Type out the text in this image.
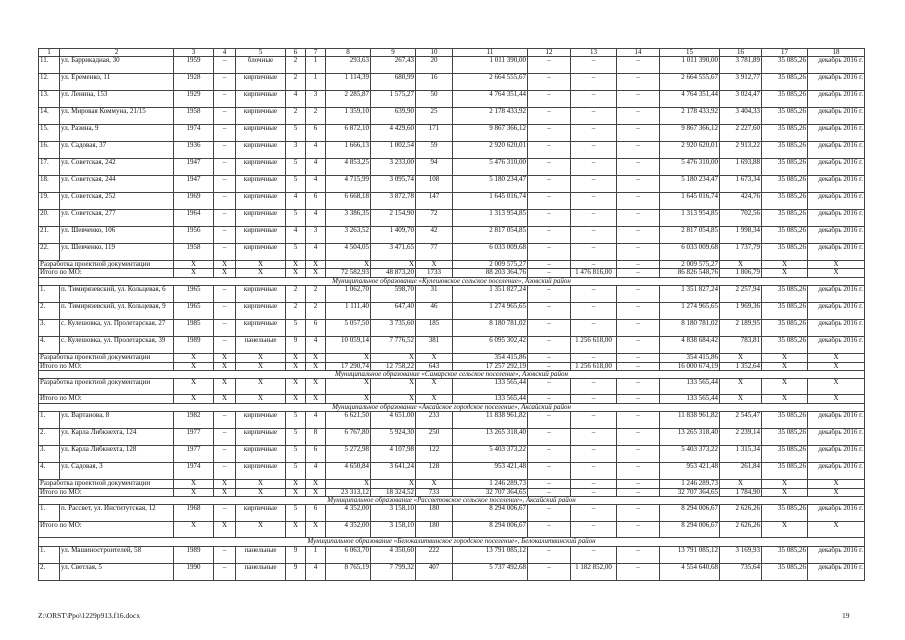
1	2	3	4	5	6	7	8	9	10	11	12	13	14	15	16	17	18
11.	ул. Баррикадная, 30	1959	–	блочные	2	1	293,63	267,43	20	1 011 390,00	–	–	–	1 011 390,00	3 781,89	35 085,26	декабрь 2016 г.
12.	ул. Еременко, 11	1928	–	кирпичные	2	1	1 114,39	680,99	16	2 664 555,67	–	–	–	2 664 555,67	3 912,77	35 085,26	декабрь 2016 г.
13.	ул. Ленина, 153	1929	–	кирпичные	4	3	2 285,87	1 575,27	50	4 764 351,44	–	–	–	4 764 351,44	3 024,47	35 085,26	декабрь 2016 г.
14.	ул. Мировая Коммуна, 21/15	1958	–	кирпичные	2	2	1 359,10	639,90	25	2 178 433,92	–	–	–	2 178 433,92	3 404,33	35 085,26	декабрь 2016 г.
15.	ул. Разина, 9	1974	–	кирпичные	5	6	6 872,10	4 429,60	171	9 867 366,12	–	–	–	9 867 366,12	2 227,60	35 085,26	декабрь 2016 г.
16.	ул. Садовая, 37	1936	–	кирпичные	3	4	1 666,13	1 002,54	59	2 920 620,01	–	–	–	2 920 620,01	2 913,22	35 085,26	декабрь 2016 г.
17.	ул. Советская, 242	1947	–	кирпичные	5	4	4 853,25	3 233,00	94	5 476 310,00	–	–	–	5 476 310,00	1 693,88	35 085,26	декабрь 2016 г.
18.	ул. Советская, 244	1947	–	кирпичные	5	4	4 715,99	3 095,74	108	5 180 234,47	–	–	–	5 180 234,47	1 673,34	35 085,26	декабрь 2016 г.
19.	ул. Советская, 252	1969	–	кирпичные	4	6	6 668,18	3 872,78	147	1 645 016,74	–	–	–	1 645 016,74	424,76	35 085,26	декабрь 2016 г.
20.	ул. Советская, 277	1964	–	кирпичные	5	4	3 386,35	2 154,90	72	1 313 954,85	–	–	–	1 313 954,85	702,56	35 085,26	декабрь 2016 г.
21.	ул. Шевченко, 106	1956	–	кирпичные	4	3	3 263,52	1 409,70	42	2 817 054,85	–	–	–	2 817 054,85	1 998,34	35 085,26	декабрь 2016 г.
22.	ул. Шевченко, 119	1958	–	кирпичные	5	4	4 504,05	3 471,65	77	6 033 009,68	–	–	–	6 033 009,68	1 737,79	35 085,26	декабрь 2016 г.
Разработка проектной документации		X	X	X	X	X	X	X	X	2 009 575,27	–	–	–	2 009 575,27	X	X	X
Итого по МО:		X	X	X	X	X	72 582,93	48 873,20	1733	88 203 364,76	–	1 476 816,00	–	86 826 548,76	1 806,79	X	X
Муниципальное образование «Кулешовское сельское поселение», Азовский район																	
1.	п. Тимирязевский, ул. Кольцевая, 6	1965	–	кирпичные	2	2	1 062,70	598,70	31	1 351 827,24	–	–	–	1 351 827,24	2 257,94	35 085,26	декабрь 2016 г.
2.	п. Тимирязевский, ул. Кольцевая, 9	1965	–	кирпичные	2	2	1 111,40	647,40	46	1 274 965,65	–	–	–	1 274 965,65	1 969,36	35 085,26	декабрь 2016 г.
3.	с. Кулешовка, ул. Пролетарская, 27	1985	–	кирпичные	5	6	5 057,50	3 735,60	185	8 180 781,02	–	–	–	8 180 781,02	2 189,95	35 085,26	декабрь 2016 г.
4.	с. Кулешовка, ул. Пролетарская, 39	1989	–	панельные	9	4	10 059,14	7 776,52	381	6 095 302,42	–	1 256 618,00	–	4 838 684,42	783,81	35 085,26	декабрь 2016 г.
Разработка проектной документации		X	X	X	X	X	X	X	X	354 415,86	–	–	–	354 415,86	X	X	X
Итого по МО:		X	X	X	X	X	17 290,74	12 758,22	643	17 257 292,19	–	1 256 618,00	–	16 000 674,19	1 352,64	X	X
Муниципальное образование «Самарское сельское поселение», Азовский район																	
Разработка проектной документации		X	X	X	X	X	X	X	X	133 565,44	–	–	–	133 565,44	X	X	X
Итого по МО:		X	X	X	X	X	X	X	X	133 565,44	–	–	–	133 565,44	X	X	X
Муниципальное образование «Аксайское городское поселение», Аксайский район																	
1.	ул. Вартанова, 8	1982	–	кирпичные	5	4	6 621,50	4 651,00	233	11 838 961,82	–	–	–	11 838 961,82	2 545,47	35 085,26	декабрь 2016 г.
2.	ул. Карла Либкнехта, 124	1977	–	кирпичные	5	8	6 767,80	5 924,30	250	13 265 318,40	–	–	–	13 265 318,40	2 239,14	35 085,26	декабрь 2016 г.
3.	ул. Карла Либкнехта, 128	1977	–	кирпичные	5	6	5 272,98	4 107,98	122	5 403 373,22	–	–	–	5 403 373,22	1 315,34	35 085,26	декабрь 2016 г.
4.	ул. Садовая, 3	1974	–	кирпичные	5	4	4 650,84	3 641,24	128	953 421,48	–	–	–	953 421,48	261,84	35 085,26	декабрь 2016 г.
Разработка проектной документации		X	X	X	X	X	X	X	X	1 246 289,73	–	–	–	1 246 289,73	X	X	X
Итого по МО:		X	X	X	X	X	23 313,12	18 324,52	733	32 707 364,65	–	–	–	32 707 364,65	1 784,90	X	X
Муниципальное образование «Рассветовское сельское поселение», Аксайский район																	
1.	п. Рассвет, ул. Институтская, 12	1968	–	кирпичные	5	6	4 352,00	3 158,10	180	8 294 006,67	–	–	–	8 294 006,67	2 626,26	35 085,26	декабрь 2016 г.
Итого по МО:		X	X	X	X	X	4 352,00	3 158,10	180	8 294 006,67	–	–	–	8 294 006,67	2 626,26	X	X
Муниципальное образование «Белокалитвинское городское поселение», Белокалитвинский район																	
1.	ул. Машиностроителей, 58	1989	–	панельные	9	1	6 063,70	4 350,60	222	13 791 085,12	–	–	–	13 791 085,12	3 169,93	35 085,26	декабрь 2016 г.
2.	ул. Светлая, 5	1990	–	панельные	9	4	8 765,19	7 799,32	407	5 737 492,68	–	1 182 852,00	–	4 554 640,68	735,64	35 085,26	декабрь 2016 г.
Z:\ORST\Ppo\1229p913.f16.docx	19
